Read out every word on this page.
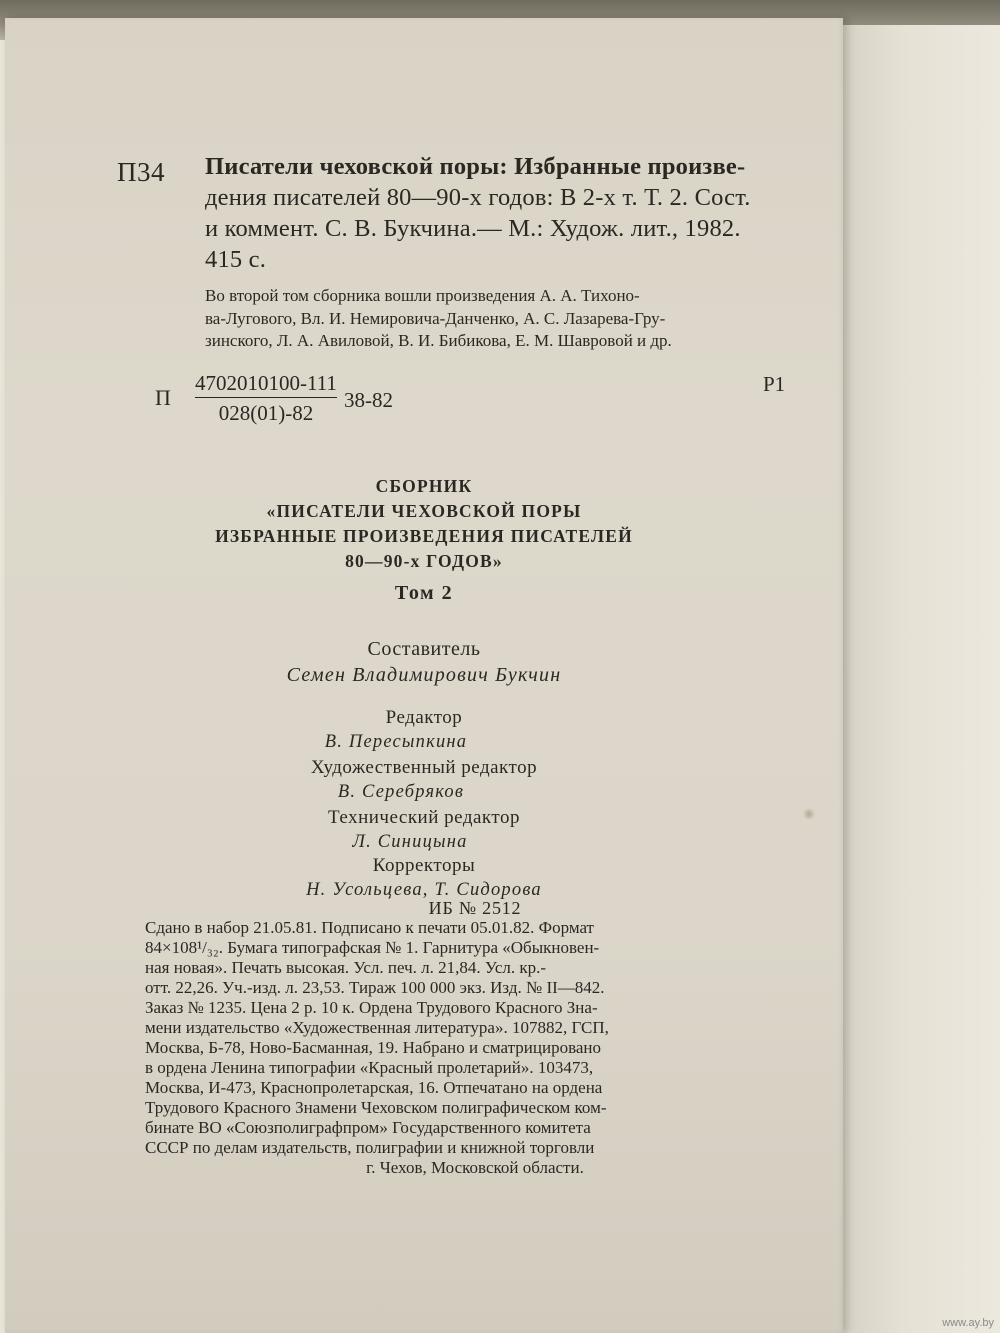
П34 Писатели чеховской поры: Избранные произве-
дения писателей 80—90-х годов: В 2-х т. Т. 2. Сост.
и коммент. С. В. Букчина.— М.: Худож. лит., 1982.
415 с.
Во второй том сборника вошли произведения А. А. Тихоно-
ва-Лугового, Вл. И. Немировича-Данченко, А. С. Лазарева-Гру-
зинского, Л. А. Авиловой, В. И. Бибикова, Е. М. Шавровой и др.
П $\frac{4702010100-111}{028(01)-82} 38-82$
Р1
СБОРНИК
«ПИСАТЕЛИ ЧЕХОВСКОЙ ПОРЫ
ИЗБРАННЫЕ ПРОИЗВЕДЕНИЯ ПИСАТЕЛЕЙ
80—90-х ГОДОВ»
Том 2
Составитель
Семен Владимирович Букчин
Редактор
В. Пересыпкина
Художественный редактор
В. Серебряков
Технический редактор
Л. Синицына
Корректоры
Н. Усольцева, Т. Сидорова
ИБ № 2512
Сдано в набор 21.05.81. Подписано к печати 05.01.82. Формат
84×108¹/₃₂. Бумага типографская № 1. Гарнитура «Обыкновен-
ная новая». Печать высокая. Усл. печ. л. 21,84. Усл. кр.-
отт. 22,26. Уч.-изд. л. 23,53. Тираж 100 000 экз. Изд. № II—842.
Заказ № 1235. Цена 2 р. 10 к. Ордена Трудового Красного Зна-
мени издательство «Художественная литература». 107882, ГСП,
Москва, Б-78, Ново-Басманная, 19. Набрано и сматрицировано
в ордена Ленина типографии «Красный пролетарий». 103473,
Москва, И-473, Краснопролетарская, 16. Отпечатано на ордена
Трудового Красного Знамени Чеховском полиграфическом ком-
бинате ВО «Союзполиграфпром» Государственного комитета
СССР по делам издательств, полиграфии и книжной торговли
г. Чехов, Московской области.
www.ay.by
